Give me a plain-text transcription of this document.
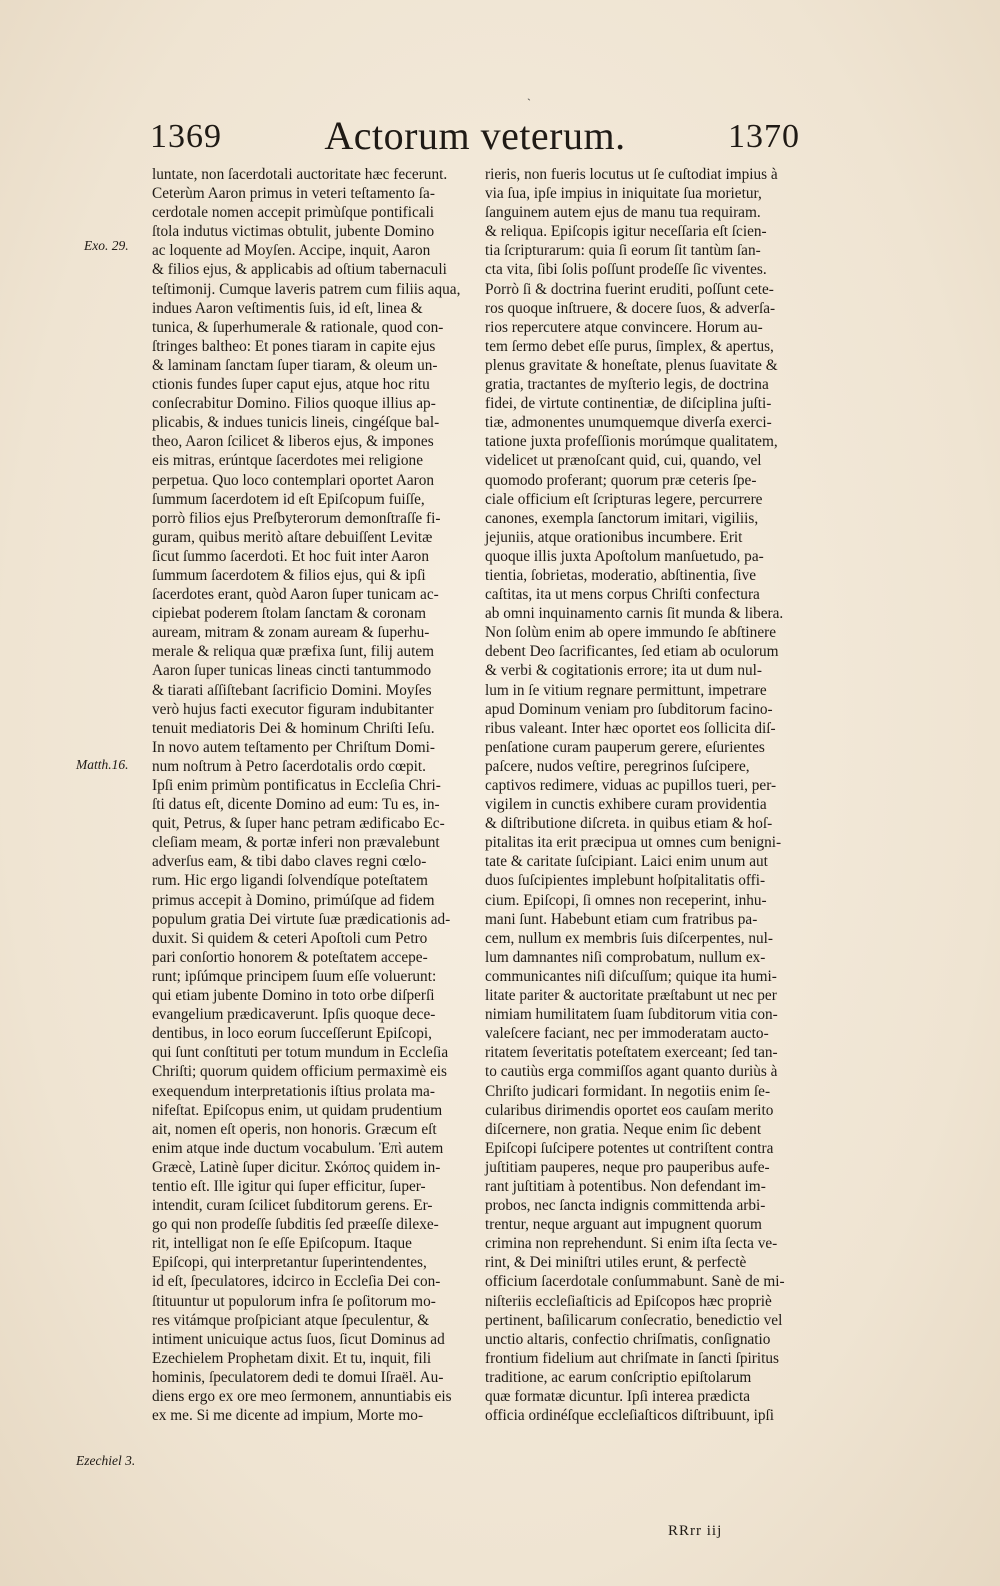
ˋ
1369	Actorum veterum.	1370
Exo. 29.
Matth.16.
Ezechiel 3.

luntate, non ſacerdotali auctoritate hæc fecerunt.

Ceterùm Aaron primus in veteri teſtamento ſa-

cerdotale nomen accepit primùſque pontificali

ſtola indutus victimas obtulit, jubente Domino

ac loquente ad Moyſen. Accipe, inquit, Aaron

& filios ejus, & applicabis ad oſtium tabernaculi

teſtimonij. Cumque laveris patrem cum filiis aqua,

indues Aaron veſtimentis ſuis, id eſt, linea &

tunica, & ſuperhumerale & rationale, quod con-

ſtringes baltheo: Et pones tiaram in capite ejus

& laminam ſanctam ſuper tiaram, & oleum un-

ctionis fundes ſuper caput ejus, atque hoc ritu

conſecrabitur Domino. Filios quoque illius ap-

plicabis, & indues tunicis lineis, cingéſque bal-

theo, Aaron ſcilicet & liberos ejus, & impones

eis mitras, erúntque ſacerdotes mei religione

perpetua. Quo loco contemplari oportet Aaron

ſummum ſacerdotem id eſt Epiſcopum fuiſſe,

porrò filios ejus Preſbyterorum demonſtraſſe fi-

guram, quibus meritò aſtare debuiſſent Levitæ

ſicut ſummo ſacerdoti. Et hoc fuit inter Aaron

ſummum ſacerdotem & filios ejus, qui & ipſi

ſacerdotes erant, quòd Aaron ſuper tunicam ac-

cipiebat poderem ſtolam ſanctam & coronam

auream, mitram & zonam auream & ſuperhu-

merale & reliqua quæ præfixa ſunt, filij autem

Aaron ſuper tunicas lineas cincti tantummodo

& tiarati aſſiſtebant ſacrificio Domini. Moyſes

verò hujus facti executor figuram indubitanter

tenuit mediatoris Dei & hominum Chriſti Ieſu.

In novo autem teſtamento per Chriſtum Domi-

num noſtrum à Petro ſacerdotalis ordo cœpit.

Ipſi enim primùm pontificatus in Eccleſia Chri-

ſti datus eſt, dicente Domino ad eum: Tu es, in-

quit, Petrus, & ſuper hanc petram ædificabo Ec-

cleſiam meam, & portæ inferi non prævalebunt

adverſus eam, & tibi dabo claves regni cœlo-

rum. Hic ergo ligandi ſolvendíque poteſtatem

primus accepit à Domino, primúſque ad fidem

populum gratia Dei virtute ſuæ prædicationis ad-

duxit. Si quidem & ceteri Apoſtoli cum Petro

pari conſortio honorem & poteſtatem accepe-

runt; ipſúmque principem ſuum eſſe voluerunt:

qui etiam jubente Domino in toto orbe diſperſi

evangelium prædicaverunt. Ipſis quoque dece-

dentibus, in loco eorum ſucceſſerunt Epiſcopi,

qui ſunt conſtituti per totum mundum in Eccleſia

Chriſti; quorum quidem officium permaximè eis

exequendum interpretationis iſtius prolata ma-

nifeſtat. Epiſcopus enim, ut quidam prudentium

ait, nomen eſt operis, non honoris. Græcum eſt

enim atque inde ductum vocabulum. Ἐπὶ autem

Græcè, Latinè ſuper dicitur. Σκόπος quidem in-

tentio eſt. Ille igitur qui ſuper efficitur, ſuper-

intendit, curam ſcilicet ſubditorum gerens. Er-

go qui non prodeſſe ſubditis ſed præeſſe dilexe-

rit, intelligat non ſe eſſe Epiſcopum. Itaque

Epiſcopi, qui interpretantur ſuperintendentes,

id eſt, ſpeculatores, idcirco in Eccleſia Dei con-

ſtituuntur ut populorum infra ſe poſitorum mo-

res vitámque proſpiciant atque ſpeculentur, &

intiment unicuique actus ſuos, ſicut Dominus ad

Ezechielem Prophetam dixit. Et tu, inquit, fili

hominis, ſpeculatorem dedi te domui Iſraël. Au-

diens ergo ex ore meo ſermonem, annuntiabis eis

ex me. Si me dicente ad impium, Morte mo-

rieris, non fueris locutus ut ſe cuſtodiat impius à

via ſua, ipſe impius in iniquitate ſua morietur,

ſanguinem autem ejus de manu tua requiram.

& reliqua. Epiſcopis igitur neceſſaria eſt ſcien-

tia ſcripturarum: quia ſi eorum ſit tantùm ſan-

cta vita, ſibi ſolis poſſunt prodeſſe ſic viventes.

Porrò ſi & doctrina fuerint eruditi, poſſunt cete-

ros quoque inſtruere, & docere ſuos, & adverſa-

rios repercutere atque convincere. Horum au-

tem ſermo debet eſſe purus, ſimplex, & apertus,

plenus gravitate & honeſtate, plenus ſuavitate &

gratia, tractantes de myſterio legis, de doctrina

fidei, de virtute continentiæ, de diſciplina juſti-

tiæ, admonentes unumquemque diverſa exerci-

tatione juxta profeſſionis morúmque qualitatem,

videlicet ut prænoſcant quid, cui, quando, vel

quomodo proferant; quorum præ ceteris ſpe-

ciale officium eſt ſcripturas legere, percurrere

canones, exempla ſanctorum imitari, vigiliis,

jejuniis, atque orationibus incumbere. Erit

quoque illis juxta Apoſtolum manſuetudo, pa-

tientia, ſobrietas, moderatio, abſtinentia, ſive

caſtitas, ita ut mens corpus Chriſti confectura

ab omni inquinamento carnis ſit munda & libera.

Non ſolùm enim ab opere immundo ſe abſtinere

debent Deo ſacrificantes, ſed etiam ab oculorum

& verbi & cogitationis errore; ita ut dum nul-

lum in ſe vitium regnare permittunt, impetrare

apud Dominum veniam pro ſubditorum facino-

ribus valeant. Inter hæc oportet eos ſollicita diſ-

penſatione curam pauperum gerere, eſurientes

paſcere, nudos veſtire, peregrinos ſuſcipere,

captivos redimere, viduas ac pupillos tueri, per-

vigilem in cunctis exhibere curam providentia

& diſtributione diſcreta. in quibus etiam & hoſ-

pitalitas ita erit præcipua ut omnes cum benigni-

tate & caritate ſuſcipiant. Laici enim unum aut

duos ſuſcipientes implebunt hoſpitalitatis offi-

cium. Epiſcopi, ſi omnes non receperint, inhu-

mani ſunt. Habebunt etiam cum fratribus pa-

cem, nullum ex membris ſuis diſcerpentes, nul-

lum damnantes niſi comprobatum, nullum ex-

communicantes niſi diſcuſſum; quique ita humi-

litate pariter & auctoritate præſtabunt ut nec per

nimiam humilitatem ſuam ſubditorum vitia con-

valeſcere faciant, nec per immoderatam aucto-

ritatem ſeveritatis poteſtatem exerceant; ſed tan-

to cautiùs erga commiſſos agant quanto duriùs à

Chriſto judicari formidant. In negotiis enim ſe-

cularibus dirimendis oportet eos cauſam merito

diſcernere, non gratia. Neque enim ſic debent

Epiſcopi ſuſcipere potentes ut contriſtent contra

juſtitiam pauperes, neque pro pauperibus aufe-

rant juſtitiam à potentibus. Non defendant im-

probos, nec ſancta indignis committenda arbi-

trentur, neque arguant aut impugnent quorum

crimina non reprehendunt. Si enim iſta ſecta ve-

rint, & Dei miniſtri utiles erunt, & perfectè

officium ſacerdotale conſummabunt. Sanè de mi-

niſteriis eccleſiaſticis ad Epiſcopos hæc propriè

pertinent, baſilicarum conſecratio, benedictio vel

unctio altaris, confectio chriſmatis, conſignatio

frontium fidelium aut chriſmate in ſancti ſpiritus

traditione, ac earum conſcriptio epiſtolarum

quæ formatæ dicuntur. Ipſi interea prædicta

officia ordinéſque eccleſiaſticos diſtribuunt, ipſi

RRrr iij
